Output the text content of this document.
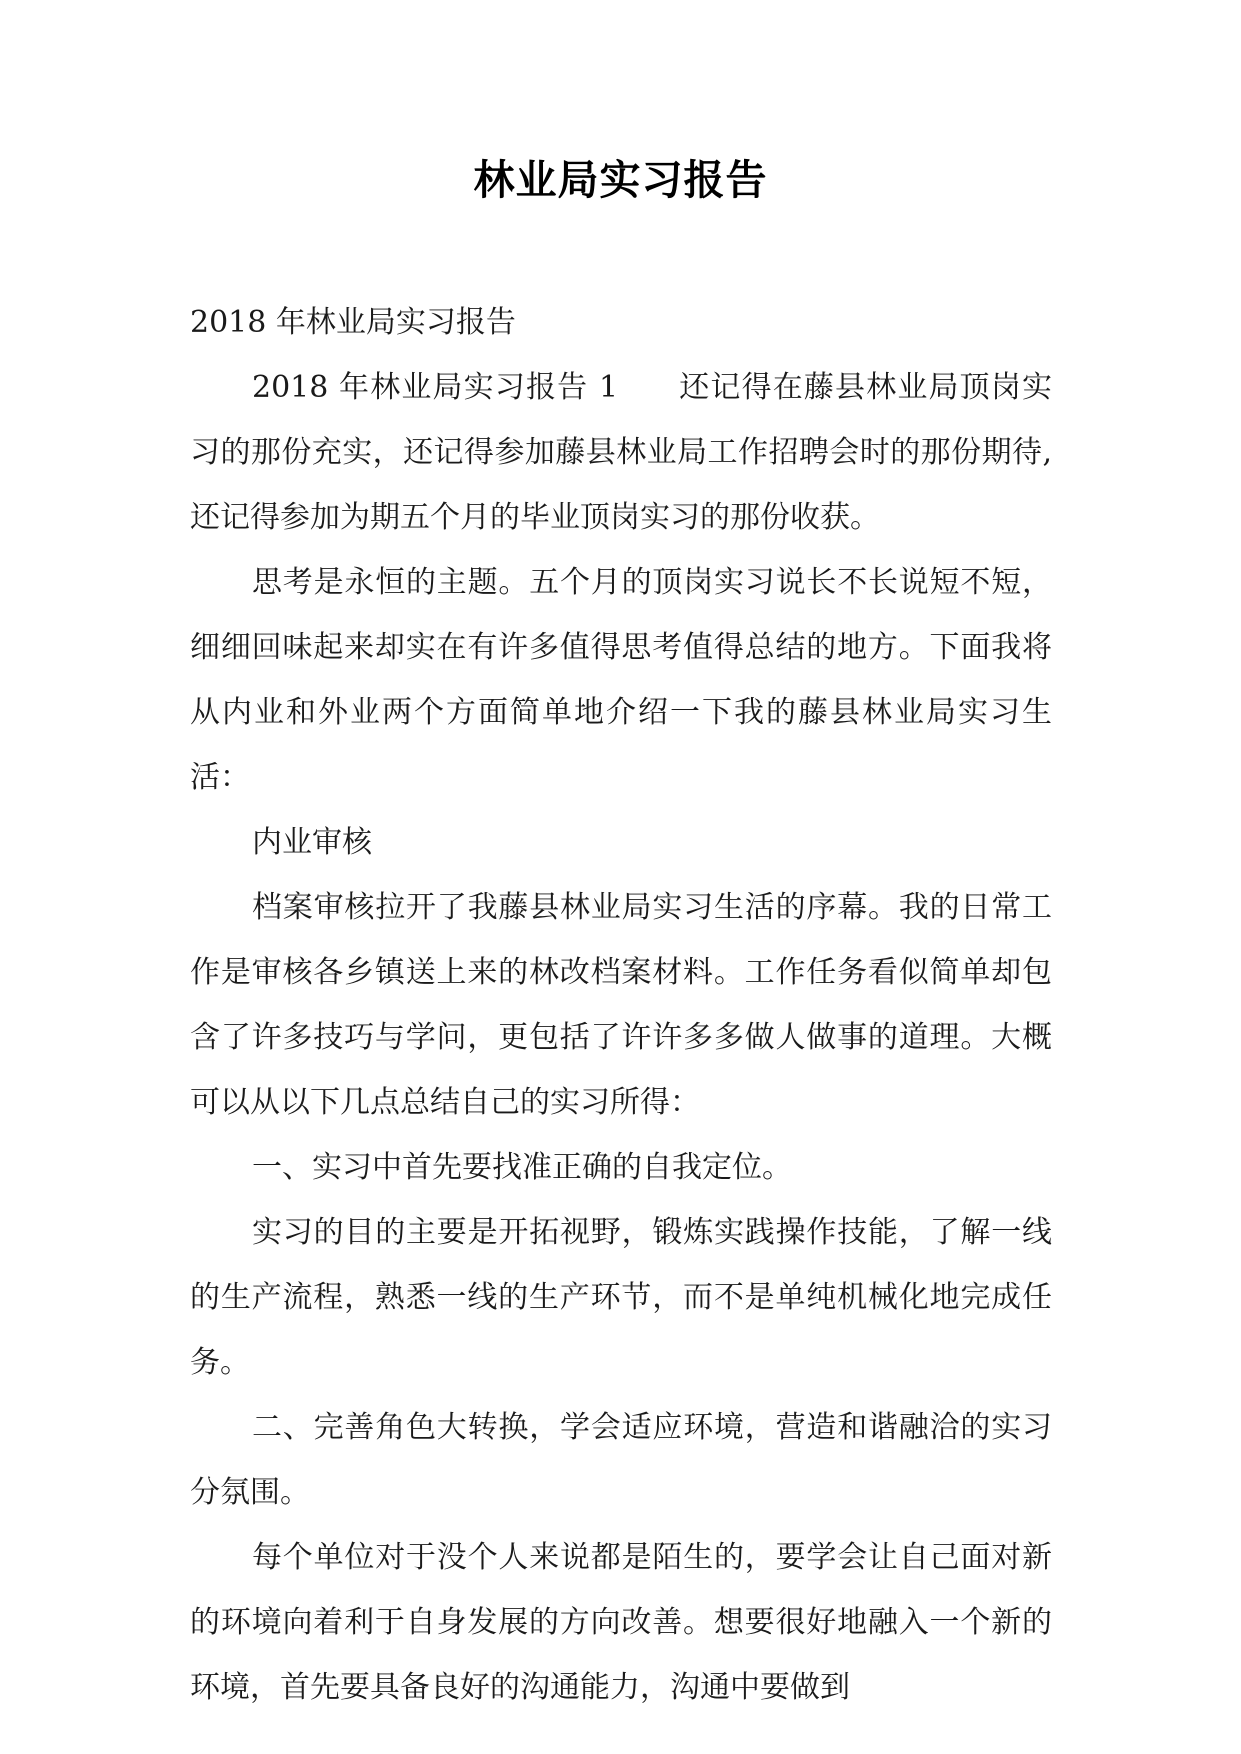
林业局实习报告

2018 年林业局实习报告

2018 年林业局实习报告 1 还记得在藤县林业局顶岗实习的那份充实，还记得参加藤县林业局工作招聘会时的那份期待,还记得参加为期五个月的毕业顶岗实习的那份收获。

思考是永恒的主题。五个月的顶岗实习说长不长说短不短，细细回味起来却实在有许多值得思考值得总结的地方。下面我将从内业和外业两个方面简单地介绍一下我的藤县林业局实习生活：

内业审核

档案审核拉开了我藤县林业局实习生活的序幕。我的日常工作是审核各乡镇送上来的林改档案材料。工作任务看似简单却包含了许多技巧与学问，更包括了许许多多做人做事的道理。大概可以从以下几点总结自己的实习所得：

一、实习中首先要找准正确的自我定位。

实习的目的主要是开拓视野，锻炼实践操作技能，了解一线的生产流程，熟悉一线的生产环节，而不是单纯机械化地完成任务。

二、完善角色大转换，学会适应环境，营造和谐融洽的实习分氛围。

每个单位对于没个人来说都是陌生的，要学会让自己面对新的环境向着利于自身发展的方向改善。想要很好地融入一个新的环境，首先要具备良好的沟通能力，沟通中要做到
